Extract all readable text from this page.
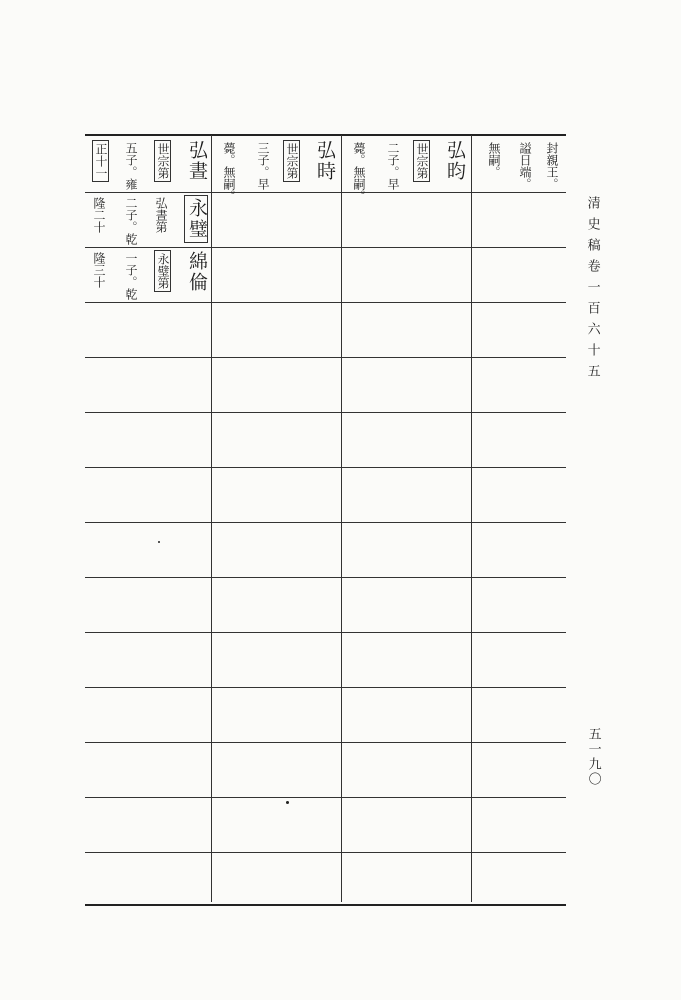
封親王。
謚日端。
無嗣。
弘昀
世宗第
二子。早
薨。無嗣。
弘時
世宗第
三子。早
薨。無嗣。
弘晝
世宗第
五子。雍
正十一
永璧
弘晝第
二子。乾
隆二十
綿倫
永璧第
一子。乾
隆三十	清史稿卷一百六十五
五一九〇
